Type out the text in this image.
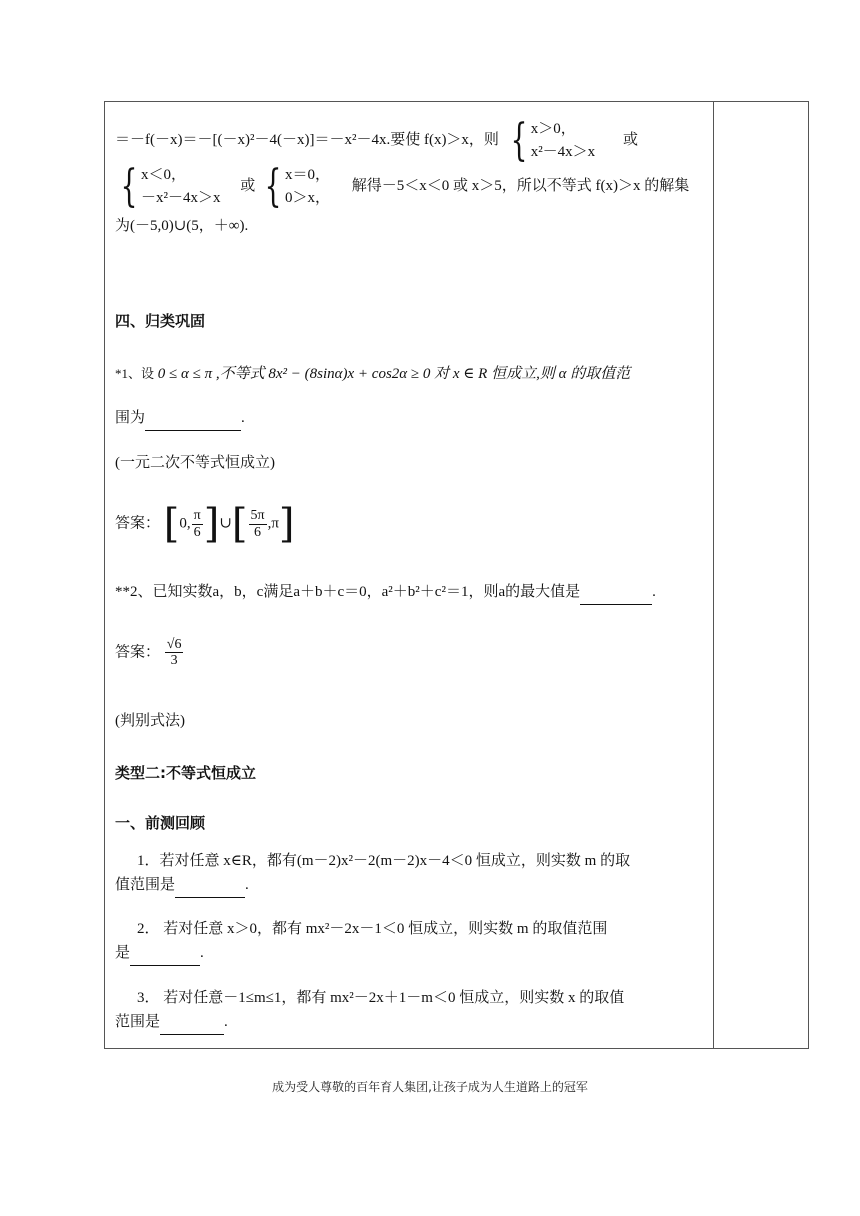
＝－f(－x)＝－[(－x)²－4(－x)]＝－x²－4x.要使 f(x)＞x，则 { x＞0，
x²－4x＞x
或
{ x＜0，
－x²－4x＞x
或 { x＝0，
0＞x，
解得－5＜x＜0 或 x＞5，所以不等式 f(x)＞x 的解集
为(－5,0)∪(5，＋∞).
四、归类巩固
*1、设 0 ≤ α ≤ π ,不等式 8x² − (8sinα)x + cos2α ≥ 0 对 x ∈ R 恒成立,则 α 的取值范
围为	.
(一元二次不等式恒成立)
答案： [0, $\frac{\pi}{6}$ ]∪[ $\frac{5\pi}{6} ,\pi$]
**2、已知实数a，b，c满足a＋b＋c＝0，a²＋b²＋c²＝1，则a的最大值是	.
答案： $\frac{√6}{3}$
(判别式法)
类型二:不等式恒成立
一、前测回顾
1．若对任意 x∈R，都有(m－2)x²－2(m－2)x－4＜0 恒成立，则实数 m 的取
值范围是	.
2． 若对任意 x＞0，都有 mx²－2x－1＜0 恒成立，则实数 m 的取值范围
是	.
3． 若对任意－1≤m≤1，都有 mx²－2x＋1－m＜0 恒成立，则实数 x 的取值
范围是	.
成为受人尊敬的百年育人集团,让孩子成为人生道路上的冠军
